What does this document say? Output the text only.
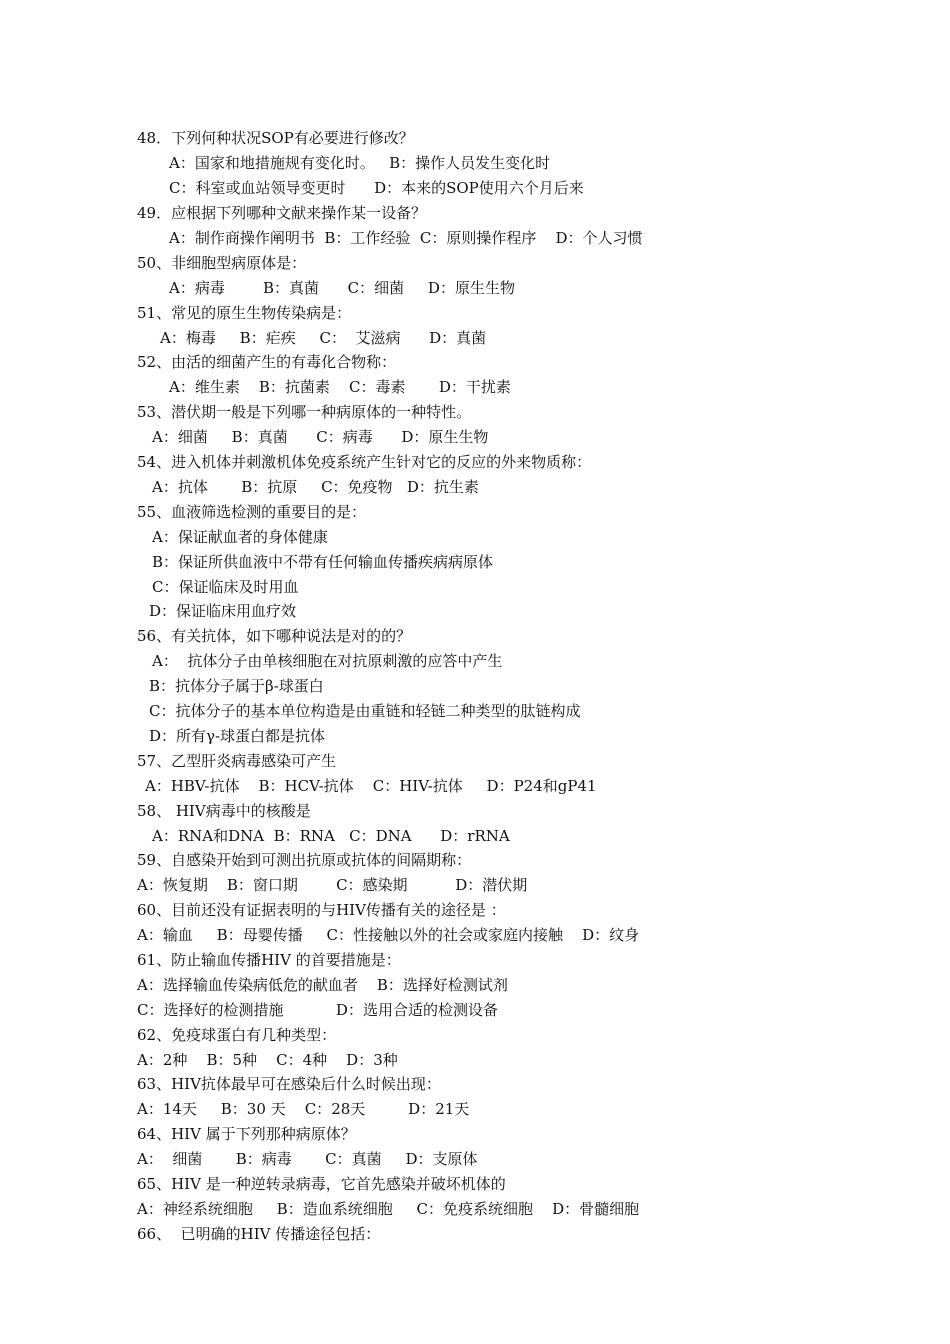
48．下列何种状况SOP有必要进行修改？
A：国家和地措施规有变化时。   B：操作人员发生变化时
C：科室或血站领导变更时      D：本来的SOP使用六个月后来
49．应根据下列哪种文献来操作某一设备？
A：制作商操作阐明书  B：工作经验  C：原则操作程序    D：个人习惯
50、非细胞型病原体是：
A：病毒        B：真菌      C：细菌     D：原生生物
51、常见的原生生物传染病是：
A：梅毒     B：疟疾     C：  艾滋病      D：真菌
52、由活的细菌产生的有毒化合物称：
A：维生素    B：抗菌素    C：毒素       D：干扰素
53、潜伏期一般是下列哪一种病原体的一种特性。
A：细菌     B：真菌      C：病毒      D：原生生物
54、进入机体并刺激机体免疫系统产生针对它的反应的外来物质称：
A：抗体       B：抗原     C：免疫物   D：抗生素
55、血液筛选检测的重要目的是：
A：保证献血者的身体健康
B：保证所供血液中不带有任何输血传播疾病病原体
C：保证临床及时用血
D：保证临床用血疗效
56、有关抗体，如下哪种说法是对的的？
A：  抗体分子由单核细胞在对抗原刺激的应答中产生
B：抗体分子属于β-球蛋白
C：抗体分子的基本单位构造是由重链和轻链二种类型的肽链构成
D：所有γ-球蛋白都是抗体
57、乙型肝炎病毒感染可产生
A：HBV-抗体    B：HCV-抗体    C：HIV-抗体     D：P24和gP41
58、 HIV病毒中的核酸是
A：RNA和DNA  B：RNA   C：DNA      D：rRNA
59、自感染开始到可测出抗原或抗体的间隔期称：
A：恢复期    B：窗口期        C：感染期          D：潜伏期
60、目前还没有证据表明的与HIV传播有关的途径是 ：
A：输血     B：母婴传播     C：性接触以外的社会或家庭内接触    D：纹身
61、防止输血传播HIV 的首要措施是：
A：选择输血传染病低危的献血者    B：选择好检测试剂
C：选择好的检测措施           D：选用合适的检测设备
62、免疫球蛋白有几种类型：
A：2种    B：5种    C：4种    D：3种
63、HIV抗体最早可在感染后什么时候出现：
A：14天     B：30 天    C：28天         D：21天
64、HIV 属于下列那种病原体？
A：  细菌       B：病毒       C：真菌     D：支原体
65、HIV 是一种逆转录病毒，它首先感染并破坏机体的
A：神经系统细胞     B：造血系统细胞     C：免疫系统细胞    D：骨髓细胞
66、  已明确的HIV 传播途径包括：
